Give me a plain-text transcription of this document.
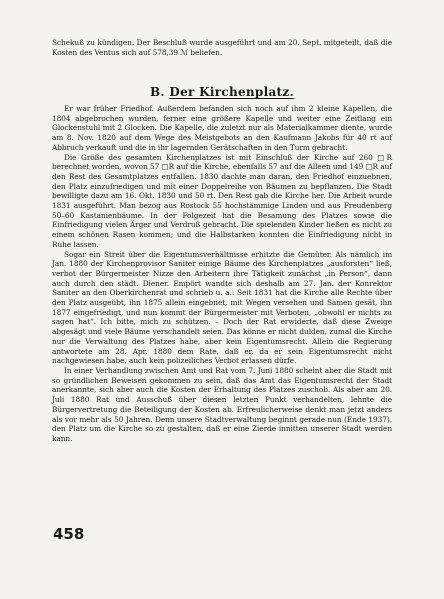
Schekuß zu kündigen. Der Beschluß wurde ausgeführt und am 20. Sept. mitgeteilt, daß die Kosten des Ventus sich auf 578,39 ℳ beliefen.

B. Der Kirchenplatz.

Er war früher Friedhof. Außerdem befanden sich noch auf ihm 2 kleine Kapellen, die 1804 abgebrochen wurden, ferner eine größere Kapelle und weiter eine Zeitlang ein Glockenstuhl mit 2 Glocken. Die Kapelle, die zuletzt nur als Materialkammer diente, wurde am 8. Nov. 1820 auf dem Wege des Meistgebots an den Kaufmann Jakobs für 40 rt auf Abbruch verkauft und die in ihr lagernden Gerätschaften in den Turm gebracht.

Die Größe des gesamten Kirchenplatzes ist mit Einschluß der Kirche auf 260 □R berechnet worden, wovon 57 □R auf die Kirche, ebenfalls 57 auf die Alleen und 149 □R auf den Rest des Gesamtplatzes entfallen. 1830 dachte man daran, den Friedhof einzuebnen, den Platz einzufriedigen und mit einer Doppelreihe von Bäumen zu bepflanzen. Die Stadt bewilligte dazu am 16. Okt. 1830 und 50 rt. Den Rest gab die Kirche her. Die Arbeit wurde 1831 ausgeführt. Man bezog aus Rostock 55 hochstämmige Linden und aus Freudenberg 50–60 Kastanienbäume. In der Folgezeit hat die Besamung des Platzes sowie die Einfriedigung vielen Ärger und Verdruß gebracht. Die spielenden Kinder ließen es nicht zu einem schönen Rasen kommen; und die Halbstarken konnten die Einfriedigung nicht in Ruhe lassen.

Sogar ein Streit über die Eigentumsverhältnisse erhitzte die Gemüter. Als nämlich im Jan. 1880 der Kirchenprovisor Saniter einige Bäume des Kirchenplatzes „ausforsten“ ließ, verbot der Bürgermeister Nizze den Arbeitern ihre Tätigkeit zunächst „in Person“, dann auch durch den städt. Diener. Empört wandte sich deshalb am 27. Jan. der Konrektor Saniter an den Oberkirchenrat und schrieb u. a.: Seit 1831 hat die Kirche alle Rechte über den Platz ausgeübt, ihn 1875 allein eingebnet, mit Wegen versehen und Samen gesät, ihn 1877 eingefriedigt, und nun kommt der Bürgermeister mit Verboten, „obwohl er nichts zu sagen hat“. Ich bitte, mich zu schützen. – Doch der Rat erwiderte, daß diese Zweige abgesägt und viele Bäume verschandelt seien. Das könne er nicht dulden, zumal die Kirche nur die Verwaltung des Platzes habe, aber kein Eigentumsrecht. Allein die Regierung antwortete am 28. Apr. 1880 dem Rate, daß er, da er sein Eigentumsrecht nicht nachgewiesen habe, auch kein polizeiliches Verbot erlassen dürfe.

In einer Verhandlung zwischen Amt und Rat vom 7. Juni 1880 scheint aber die Stadt mit so gründlichen Beweisen gekommen zu sein, daß das Amt das Eigentumsrecht der Stadt anerkannte, sich aber auch die Kosten der Erhaltung des Platzes zuschob. Als aber am 20. Juli 1880 Rat und Ausschuß über diesen letzten Punkt verhandelten, lehnte die Bürgervertretung die Beteiligung der Kosten ab. Erfreulicherweise denkt man jetzt anders als vor mehr als 50 Jahren. Denn unsere Stadtverwaltung beginnt gerade nun (Ende 1937), den Platz um die Kirche so zu gestalten, daß er eine Zierde innitten unserer Stadt werden kann.

458
